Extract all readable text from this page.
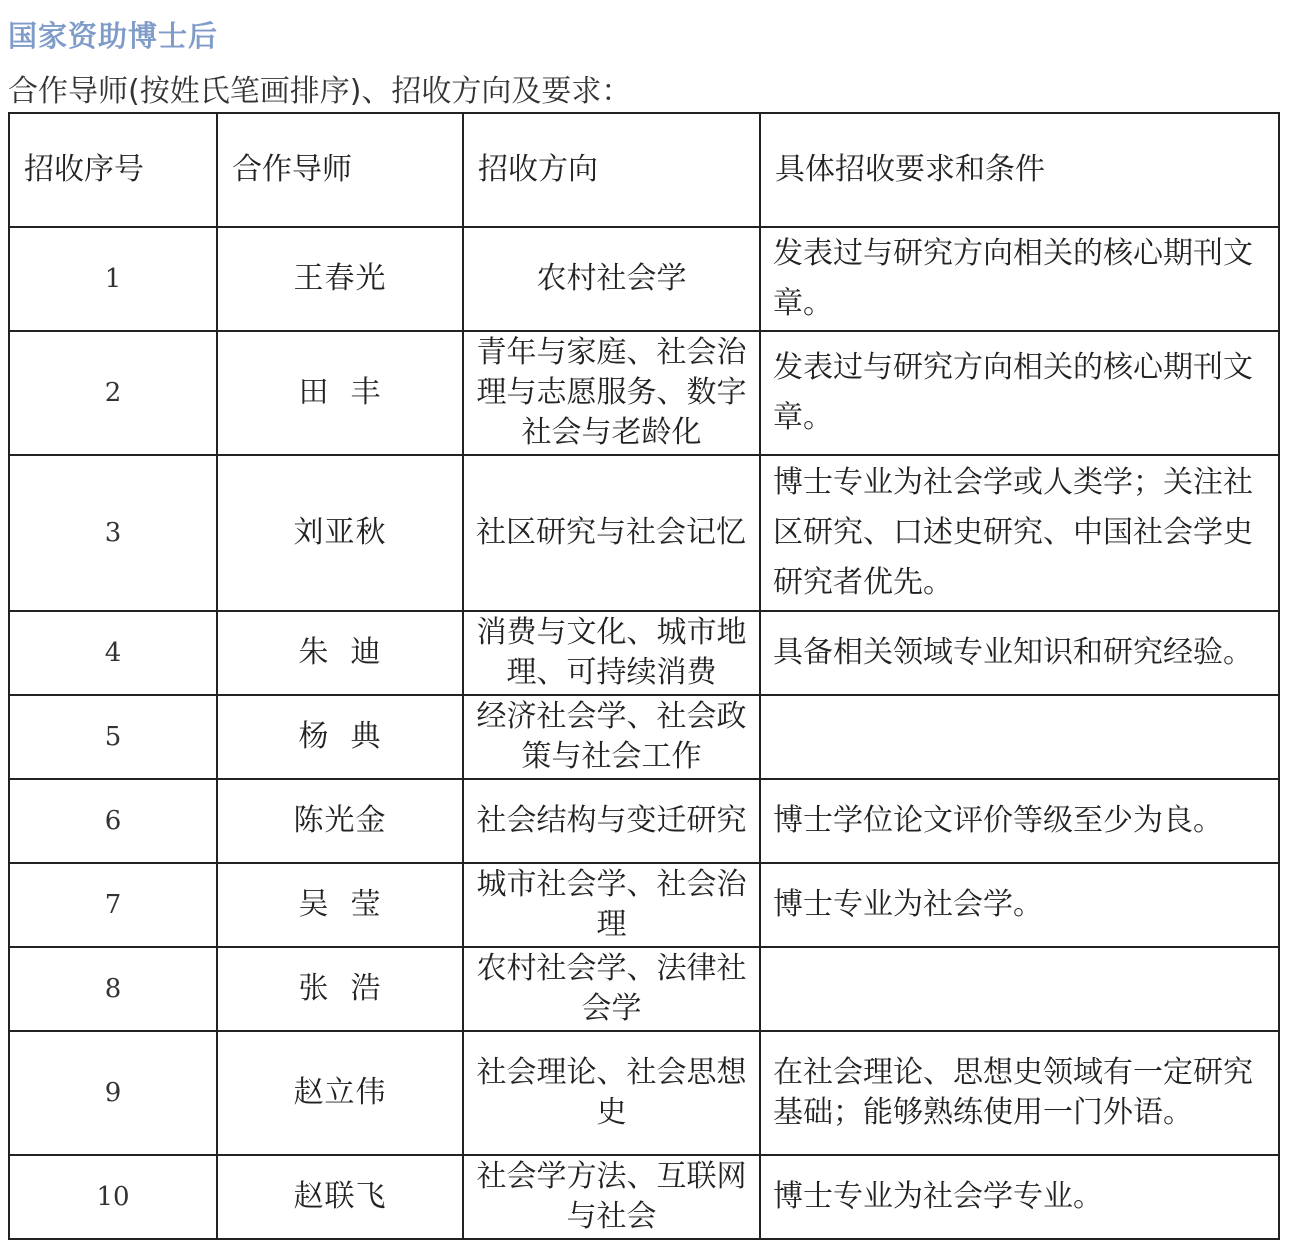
国家资助博士后
合作导师(按姓氏笔画排序)、招收方向及要求：
招收序号	合作导师	招收方向	具体招收要求和条件
1	王春光	农村社会学	发表过与研究方向相关的核心期刊文章。
2	田  丰	青年与家庭、社会治理与志愿服务、数字社会与老龄化	发表过与研究方向相关的核心期刊文章。
3	刘亚秋	社区研究与社会记忆	博士专业为社会学或人类学；关注社区研究、口述史研究、中国社会学史研究者优先。
4	朱  迪	消费与文化、城市地理、可持续消费	具备相关领域专业知识和研究经验。
5	杨  典	经济社会学、社会政策与社会工作	
6	陈光金	社会结构与变迁研究	博士学位论文评价等级至少为良。
7	吴  莹	城市社会学、社会治理	博士专业为社会学。
8	张  浩	农村社会学、法律社会学	
9	赵立伟	社会理论、社会思想史	在社会理论、思想史领域有一定研究基础；能够熟练使用一门外语。
10	赵联飞	社会学方法、互联网与社会	博士专业为社会学专业。
